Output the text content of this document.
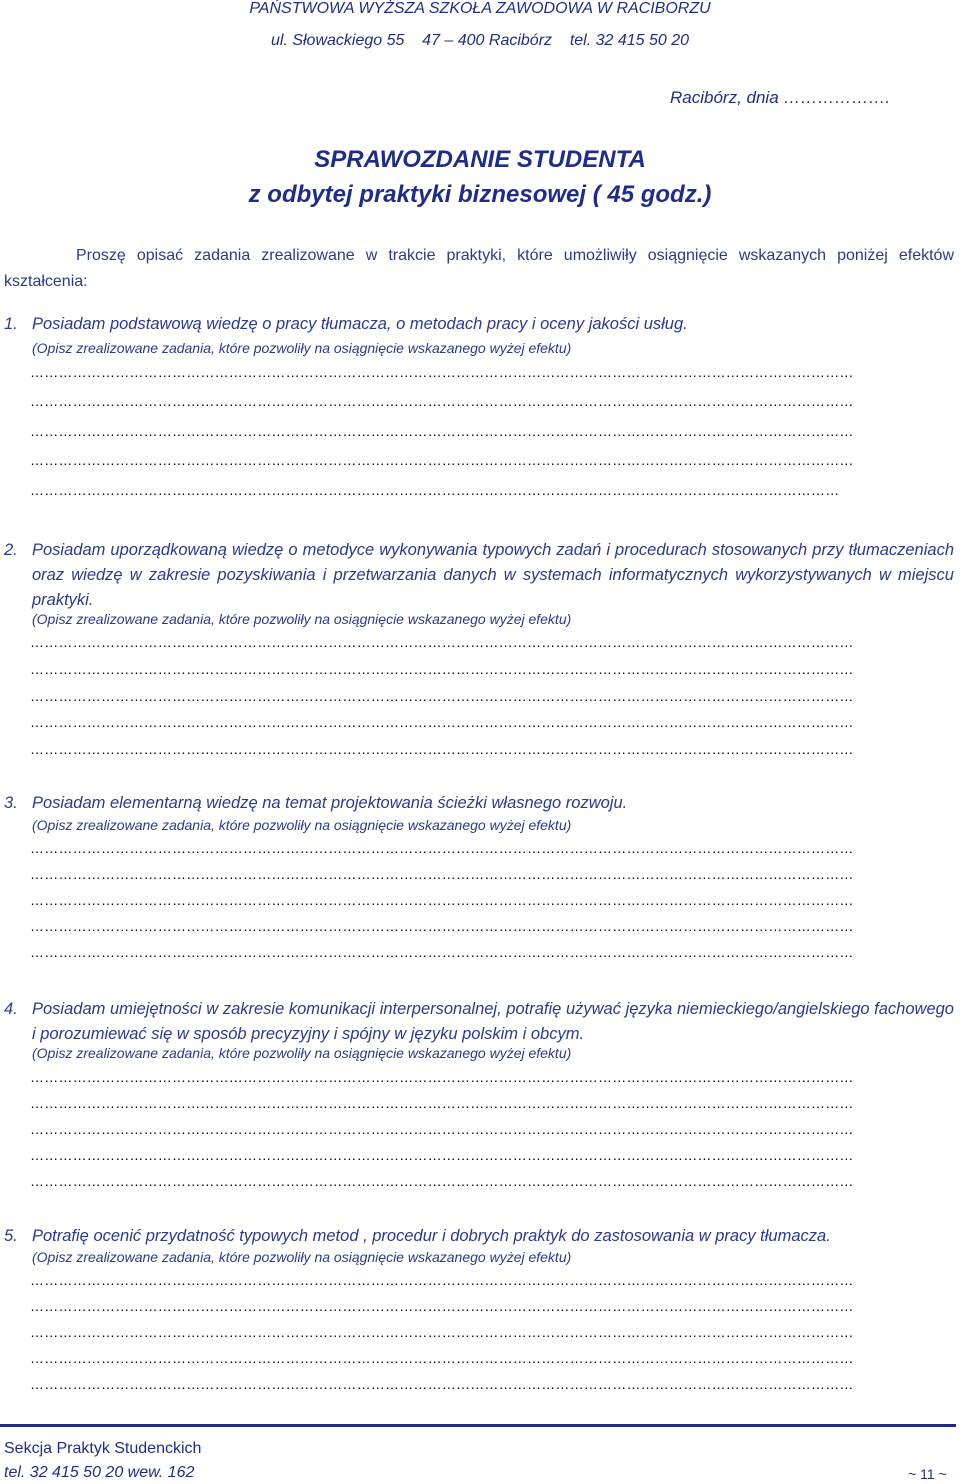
PAŃSTWOWA WYŻSZA SZKOŁA ZAWODOWA W RACIBORZU
ul. Słowackiego 55 47 – 400 Racibórz tel. 32 415 50 20
Racibórz, dnia ……………….
SPRAWOZDANIE STUDENTA
z odbytej praktyki biznesowej ( 45 godz.)
Proszę opisać zadania zrealizowane w trakcie praktyki, które umożliwiły osiągnięcie wskazanych poniżej efektów kształcenia:
1. Posiadam podstawową wiedzę o pracy tłumacza, o metodach pracy i oceny jakości usług.
(Opisz zrealizowane zadania, które pozwoliły na osiągnięcie wskazanego wyżej efektu)
…………………………………………………………………………………………………………………………………………………………
…………………………………………………………………………………………………………………………………………………………
…………………………………………………………………………………………………………………………………………………………
…………………………………………………………………………………………………………………………………………………………
………………………………………………………………………………………………………………………………………………………
2. Posiadam uporządkowaną wiedzę o metodyce wykonywania typowych zadań i procedurach stosowanych przy tłumaczeniach oraz wiedzę w zakresie pozyskiwania i przetwarzania danych w systemach informatycznych wykorzystywanych w miejscu praktyki.
(Opisz zrealizowane zadania, które pozwoliły na osiągnięcie wskazanego wyżej efektu)
…………………………………………………………………………………………………………………………………………………………
…………………………………………………………………………………………………………………………………………………………
…………………………………………………………………………………………………………………………………………………………
…………………………………………………………………………………………………………………………………………………………
…………………………………………………………………………………………………………………………………………………………
3. Posiadam elementarną wiedzę na temat projektowania ścieżki własnego rozwoju.
(Opisz zrealizowane zadania, które pozwoliły na osiągnięcie wskazanego wyżej efektu)
…………………………………………………………………………………………………………………………………………………………
…………………………………………………………………………………………………………………………………………………………
…………………………………………………………………………………………………………………………………………………………
…………………………………………………………………………………………………………………………………………………………
…………………………………………………………………………………………………………………………………………………………
4. Posiadam umiejętności w zakresie komunikacji interpersonalnej, potrafię używać języka niemieckiego/angielskiego fachowego i porozumiewać się w sposób precyzyjny i spójny w języku polskim i obcym.
(Opisz zrealizowane zadania, które pozwoliły na osiągnięcie wskazanego wyżej efektu)
…………………………………………………………………………………………………………………………………………………………
…………………………………………………………………………………………………………………………………………………………
…………………………………………………………………………………………………………………………………………………………
…………………………………………………………………………………………………………………………………………………………
…………………………………………………………………………………………………………………………………………………………
5. Potrafię ocenić przydatność typowych metod , procedur i dobrych praktyk do zastosowania w pracy tłumacza.
(Opisz zrealizowane zadania, które pozwoliły na osiągnięcie wskazanego wyżej efektu)
…………………………………………………………………………………………………………………………………………………………
…………………………………………………………………………………………………………………………………………………………
…………………………………………………………………………………………………………………………………………………………
…………………………………………………………………………………………………………………………………………………………
…………………………………………………………………………………………………………………………………………………………
Sekcja Praktyk Studenckich
tel. 32 415 50 20 wew. 162	~ 11 ~
